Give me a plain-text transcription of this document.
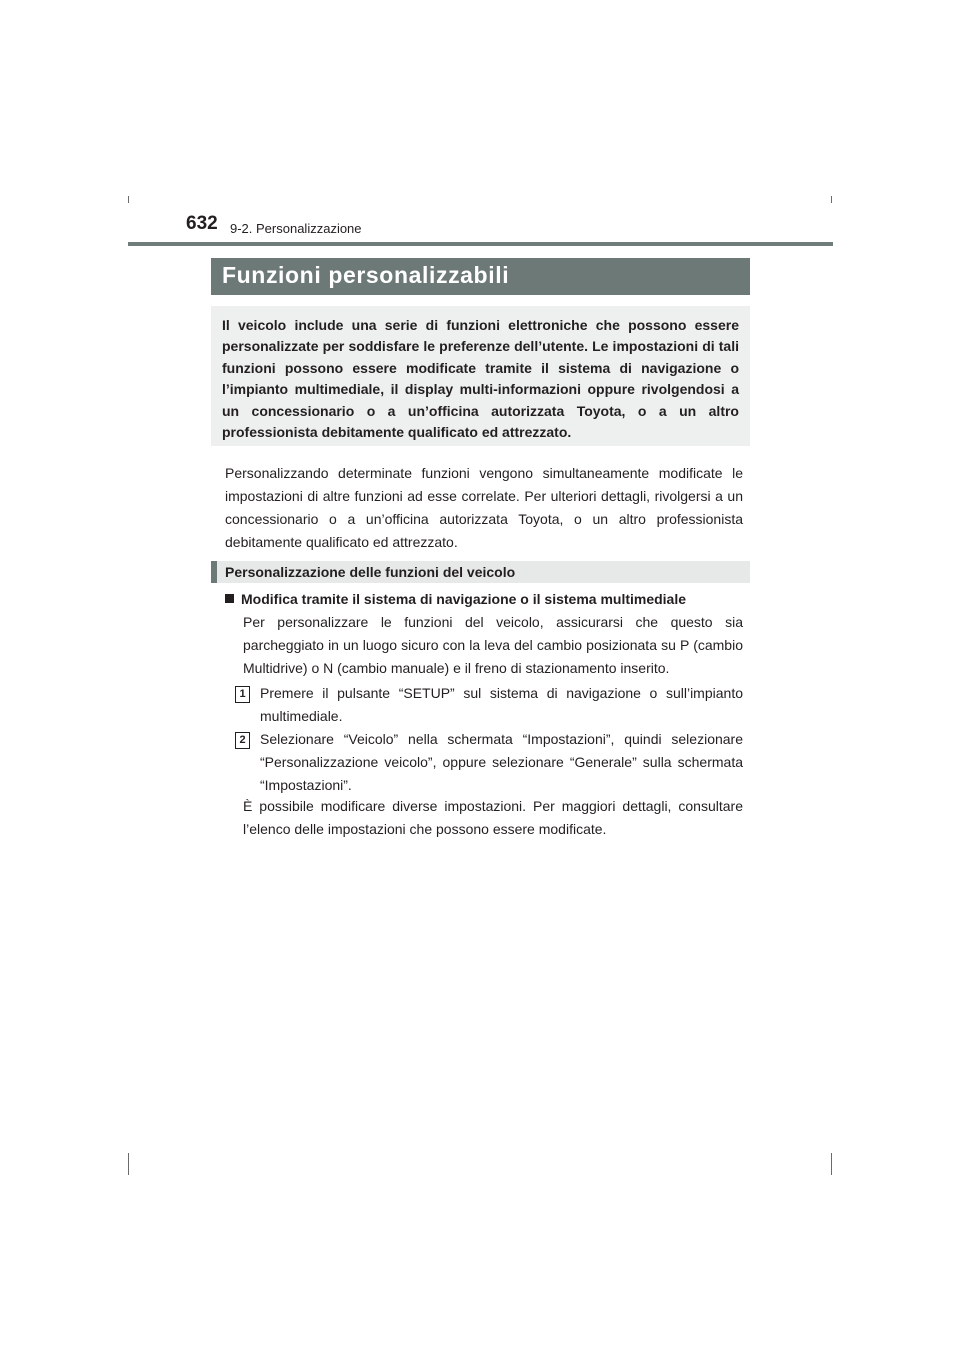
632 9-2. Personalizzazione
Funzioni personalizzabili

Il veicolo include una serie di funzioni elettroniche che possono essere personalizzate per soddisfare le preferenze dell’utente. Le impostazioni di tali funzioni possono essere modificate tramite il sistema di navigazione o l’impianto multimediale, il display multi-informazioni oppure rivolgendosi a un concessionario o a un’officina autorizzata Toyota, o a un altro professionista debitamente qualificato ed attrezzato.

Personalizzando determinate funzioni vengono simultaneamente modificate le impostazioni di altre funzioni ad esse correlate. Per ulteriori dettagli, rivolgersi a un concessionario o a un’officina autorizzata Toyota, o un altro professionista debitamente qualificato ed attrezzato.

Personalizzazione delle funzioni del veicolo
Modifica tramite il sistema di navigazione o il sistema multimediale

Per personalizzare le funzioni del veicolo, assicurarsi che questo sia parcheggiato in un luogo sicuro con la leva del cambio posizionata su P (cambio Multidrive) o N (cambio manuale) e il freno di stazionamento inserito.

1	Premere il pulsante “SETUP” sul sistema di navigazione o sull’impianto multimediale.

2	Selezionare “Veicolo” nella schermata “Impostazioni”, quindi selezionare “Personalizzazione veicolo”, oppure selezionare “Generale” sulla schermata “Impostazioni”.

È possibile modificare diverse impostazioni. Per maggiori dettagli, consultare l’elenco delle impostazioni che possono essere modificate.
